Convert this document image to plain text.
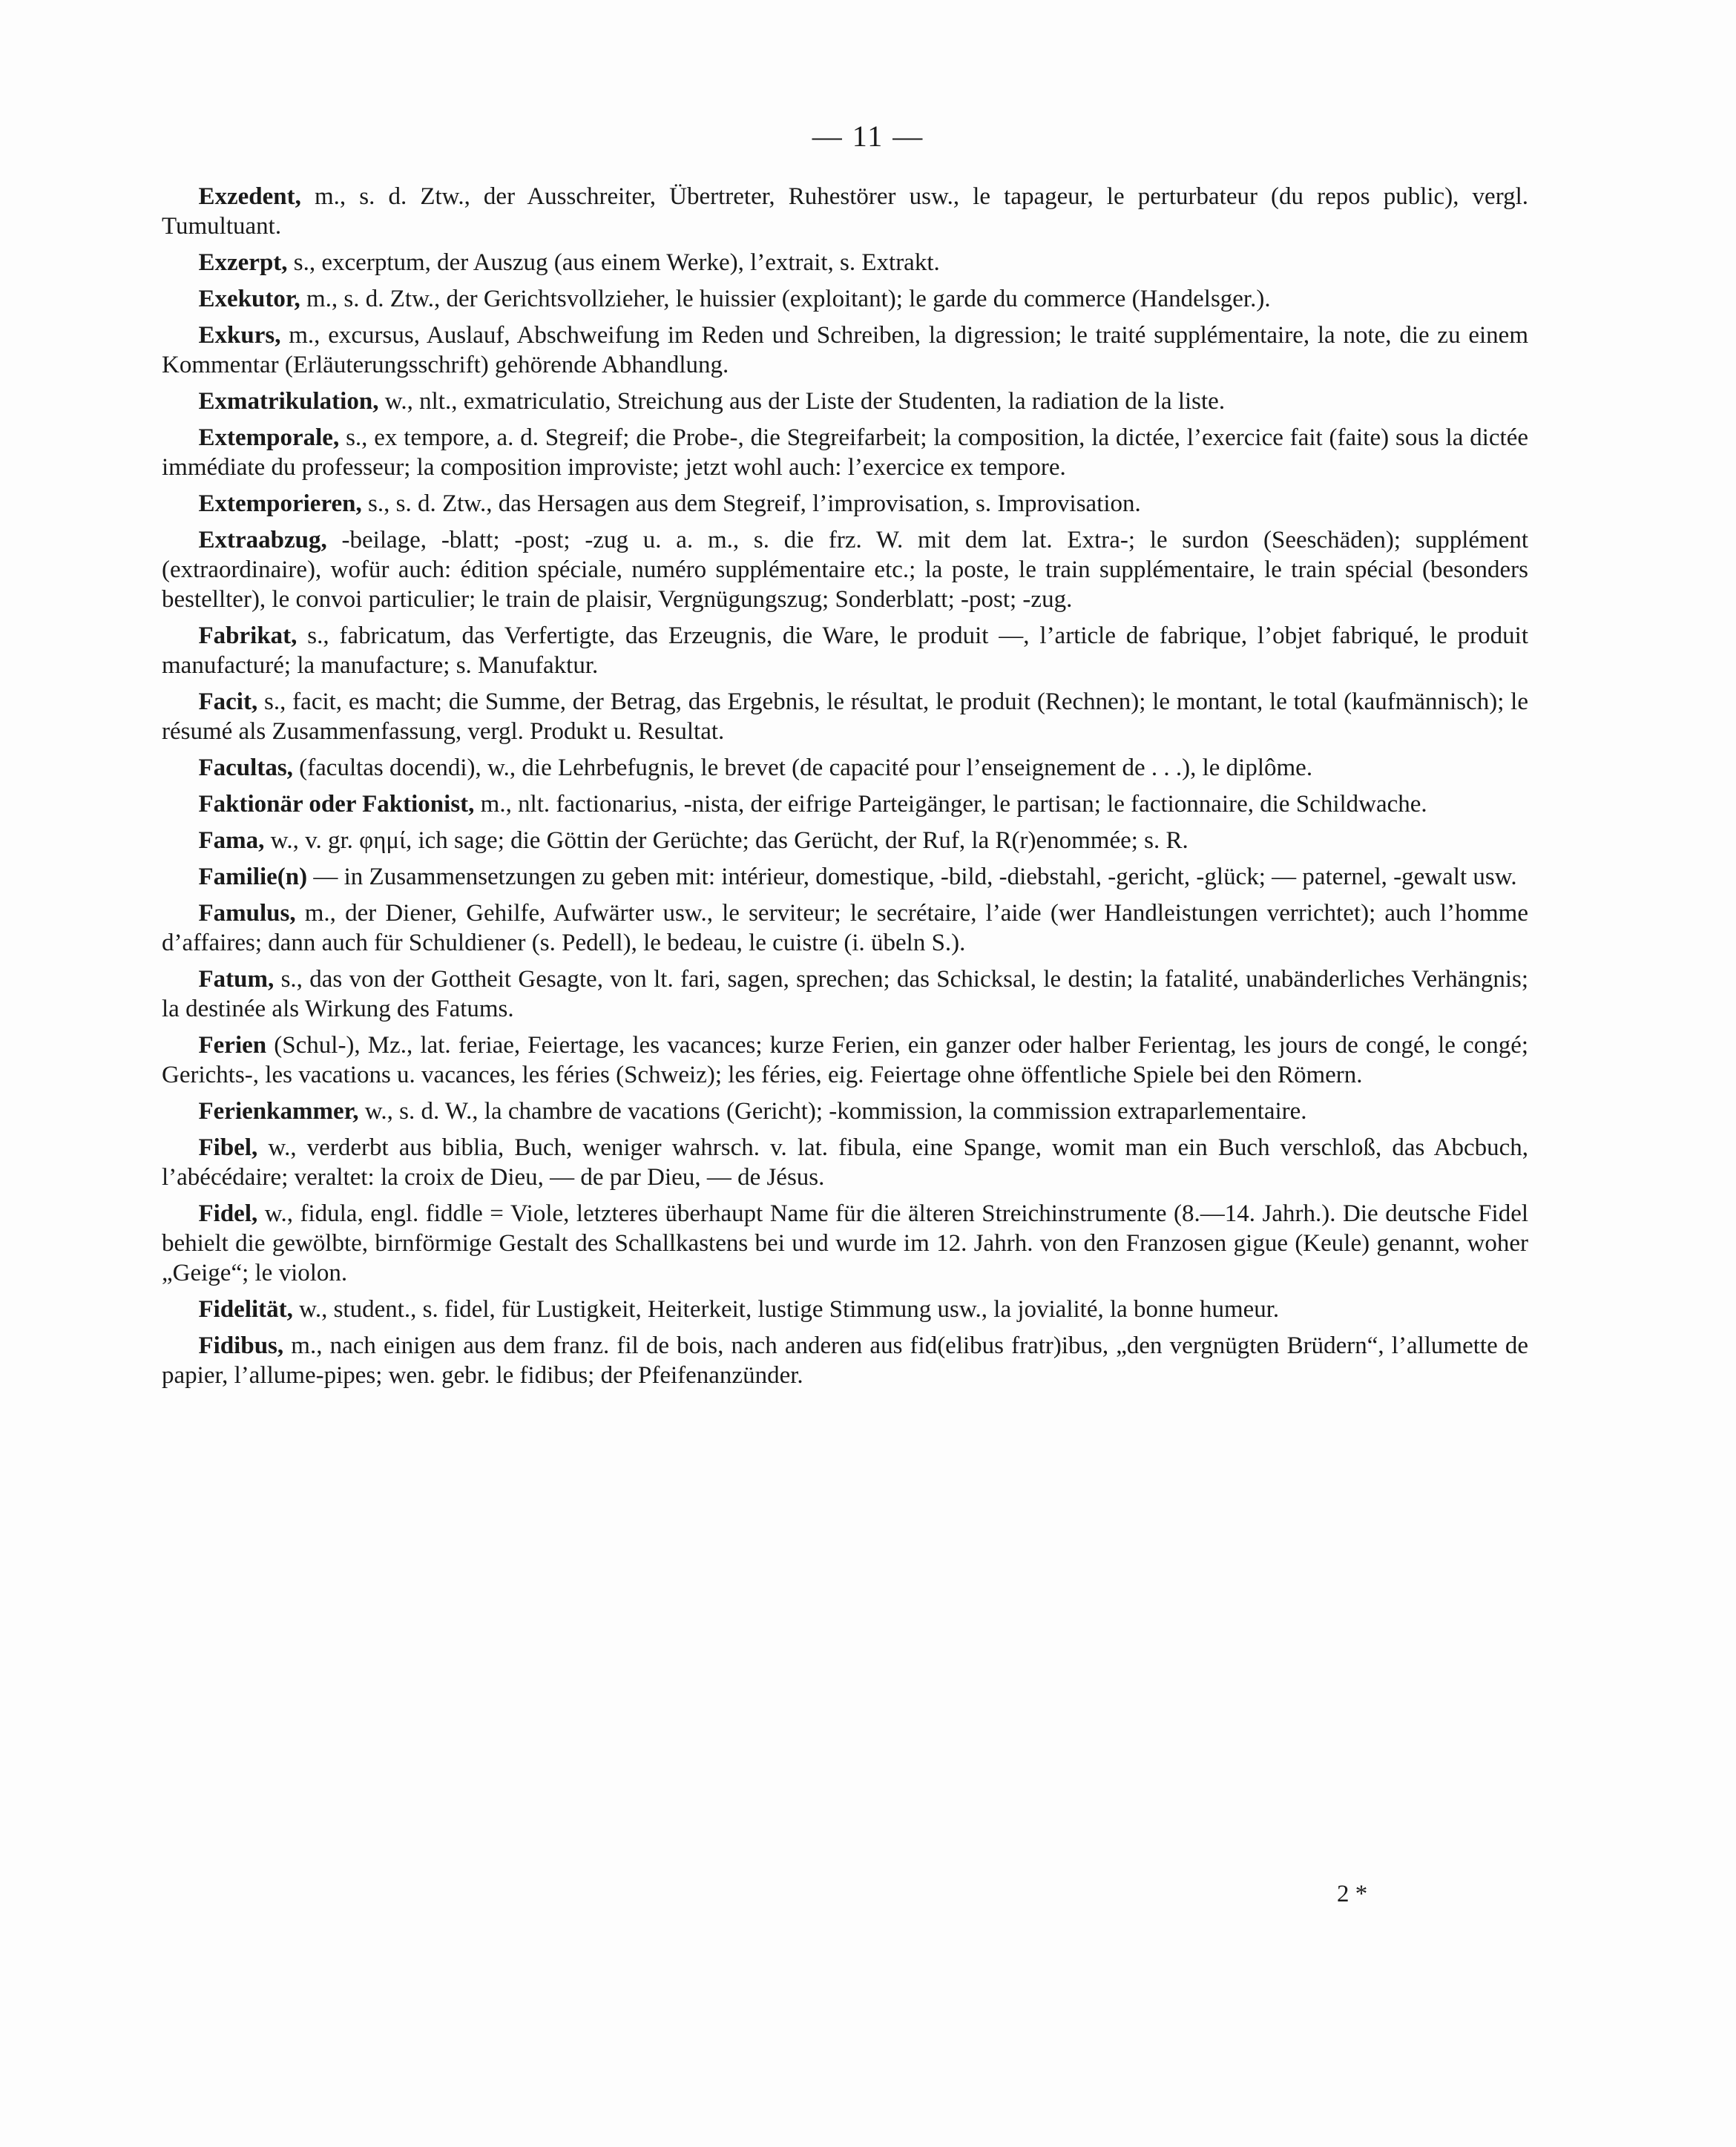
— 11 —

Exzedent, m., s. d. Ztw., der Ausschreiter, Übertreter, Ruhestörer usw., le tapageur, le perturbateur (du repos public), vergl. Tumultuant.

Exzerpt, s., excerptum, der Auszug (aus einem Werke), l’extrait, s. Extrakt.

Exekutor, m., s. d. Ztw., der Gerichtsvollzieher, le huissier (exploitant); le garde du commerce (Handelsger.).

Exkurs, m., excursus, Auslauf, Abschweifung im Reden und Schreiben, la digression; le traité supplémentaire, la note, die zu einem Kommentar (Erläuterungsschrift) gehörende Abhandlung.

Exmatrikulation, w., nlt., exmatriculatio, Streichung aus der Liste der Studenten, la radiation de la liste.

Extemporale, s., ex tempore, a. d. Stegreif; die Probe-, die Stegreifarbeit; la composition, la dictée, l’exercice fait (faite) sous la dictée immédiate du professeur; la composition improviste; jetzt wohl auch: l’exercice ex tempore.

Extemporieren, s., s. d. Ztw., das Hersagen aus dem Stegreif, l’improvisation, s. Improvisation.

Extraabzug, -beilage, -blatt; -post; -zug u. a. m., s. die frz. W. mit dem lat. Extra-; le surdon (Seeschäden); supplément (extraordinaire), wofür auch: édition spéciale, numéro supplémentaire etc.; la poste, le train supplémentaire, le train spécial (besonders bestellter), le convoi particulier; le train de plaisir, Vergnügungszug; Sonderblatt; -post; -zug.

Fabrikat, s., fabricatum, das Verfertigte, das Erzeugnis, die Ware, le produit —, l’article de fabrique, l’objet fabriqué, le produit manufacturé; la manufacture; s. Manufaktur.

Facit, s., facit, es macht; die Summe, der Betrag, das Ergebnis, le résultat, le produit (Rechnen); le montant, le total (kaufmännisch); le résumé als Zusammenfassung, vergl. Produkt u. Resultat.

Facultas, (facultas docendi), w., die Lehrbefugnis, le brevet (de capacité pour l’enseignement de . . .), le diplôme.

Faktionär oder Faktionist, m., nlt. factionarius, -nista, der eifrige Parteigänger, le partisan; le factionnaire, die Schildwache.

Fama, w., v. gr. φημί, ich sage; die Göttin der Gerüchte; das Gerücht, der Ruf, la R(r)enommée; s. R.

Familie(n) — in Zusammensetzungen zu geben mit: intérieur, domestique, -bild, -diebstahl, -gericht, -glück; — paternel, -gewalt usw.

Famulus, m., der Diener, Gehilfe, Aufwärter usw., le serviteur; le secrétaire, l’aide (wer Handleistungen verrichtet); auch l’homme d’affaires; dann auch für Schuldiener (s. Pedell), le bedeau, le cuistre (i. übeln S.).

Fatum, s., das von der Gottheit Gesagte, von lt. fari, sagen, sprechen; das Schicksal, le destin; la fatalité, unabänderliches Verhängnis; la destinée als Wirkung des Fatums.

Ferien (Schul-), Mz., lat. feriae, Feiertage, les vacances; kurze Ferien, ein ganzer oder halber Ferientag, les jours de congé, le congé; Gerichts-, les vacations u. vacances, les féries (Schweiz); les féries, eig. Feiertage ohne öffentliche Spiele bei den Römern.

Ferienkammer, w., s. d. W., la chambre de vacations (Gericht); -kommission, la commission extraparlementaire.

Fibel, w., verderbt aus biblia, Buch, weniger wahrsch. v. lat. fibula, eine Spange, womit man ein Buch verschloß, das Abcbuch, l’abécédaire; veraltet: la croix de Dieu, — de par Dieu, — de Jésus.

Fidel, w., fidula, engl. fiddle = Viole, letzteres überhaupt Name für die älteren Streichinstrumente (8.—14. Jahrh.). Die deutsche Fidel behielt die gewölbte, birnförmige Gestalt des Schallkastens bei und wurde im 12. Jahrh. von den Franzosen gigue (Keule) genannt, woher „Geige“; le violon.

Fidelität, w., student., s. fidel, für Lustigkeit, Heiterkeit, lustige Stimmung usw., la jovialité, la bonne humeur.

Fidibus, m., nach einigen aus dem franz. fil de bois, nach anderen aus fid(elibus fratr)ibus, „den vergnügten Brüdern“, l’allumette de papier, l’allume-pipes; wen. gebr. le fidibus; der Pfeifenanzünder.

2 *
